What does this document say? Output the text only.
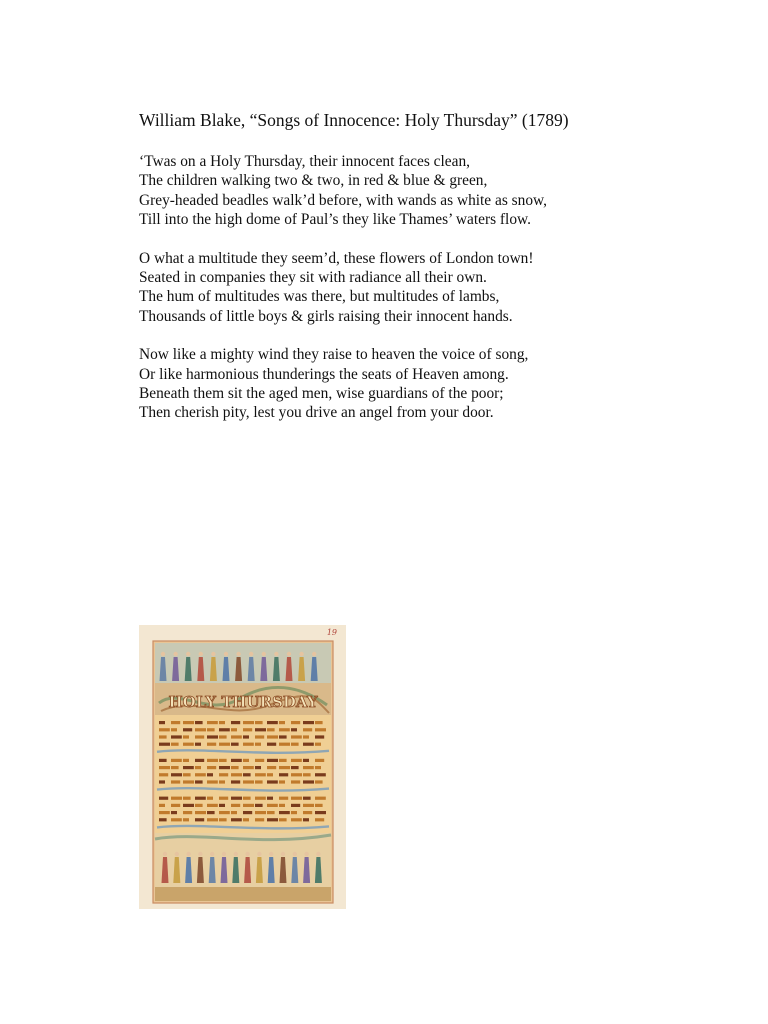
William Blake, “Songs of Innocence: Holy Thursday” (1789)
‘Twas on a Holy Thursday, their innocent faces clean,
The children walking two & two, in red & blue & green,
Grey-headed beadles walk’d before, with wands as white as snow,
Till into the high dome of Paul’s they like Thames’ waters flow.
O what a multitude they seem’d, these flowers of London town!
Seated in companies they sit with radiance all their own.
The hum of multitudes was there, but multitudes of lambs,
Thousands of little boys & girls raising their innocent hands.
Now like a mighty wind they raise to heaven the voice of song,
Or like harmonious thunderings the seats of Heaven among.
Beneath them sit the aged men, wise guardians of the poor;
Then cherish pity, lest you drive an angel from your door.
19
HOLY THURSDAY
